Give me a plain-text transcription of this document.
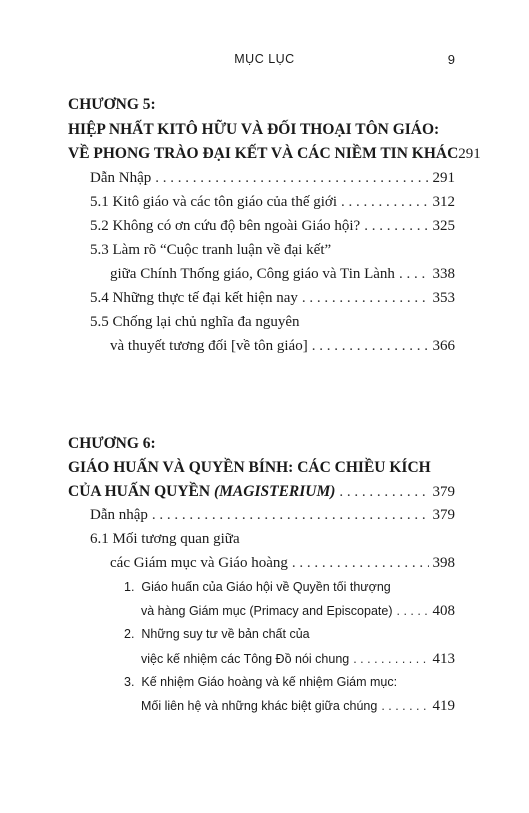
MỤC LỤC	9
CHƯƠNG 5:
HIỆP NHẤT KITÔ HỮU VÀ ĐỐI THOẠI TÔN GIÁO:
VỀ PHONG TRÀO ĐẠI KẾT VÀ CÁC NIỀM TIN KHÁC 291
Dẫn Nhập . . .	291
5.1 Kitô giáo và các tôn giáo của thế giới . . .	312
5.2 Không có ơn cứu độ bên ngoài Giáo hội? . . .	325
5.3 Làm rõ “Cuộc tranh luận về đại kết”
giữa Chính Thống giáo, Công giáo và Tin Lành . . .	338
5.4 Những thực tế đại kết hiện nay . . .	353
5.5 Chống lại chủ nghĩa đa nguyên
và thuyết tương đối [về tôn giáo] . . .	366
CHƯƠNG 6:
GIÁO HUẤN VÀ QUYỀN BÍNH: CÁC CHIỀU KÍCH
CỦA HUẤN QUYỀN (MAGISTERIUM) . . .	379
Dẫn nhập . . .	379
6.1 Mối tương quan giữa
các Giám mục và Giáo hoàng . . .	398
1. Giáo huấn của Giáo hội về Quyền tối thượng
và hàng Giám mục (Primacy and Episcopate) . . .	408
2. Những suy tư về bản chất của
việc kế nhiệm các Tông Đồ nói chung . . .	413
3. Kế nhiệm Giáo hoàng và kế nhiệm Giám mục:
Mối liên hệ và những khác biệt giữa chúng . . .	419
